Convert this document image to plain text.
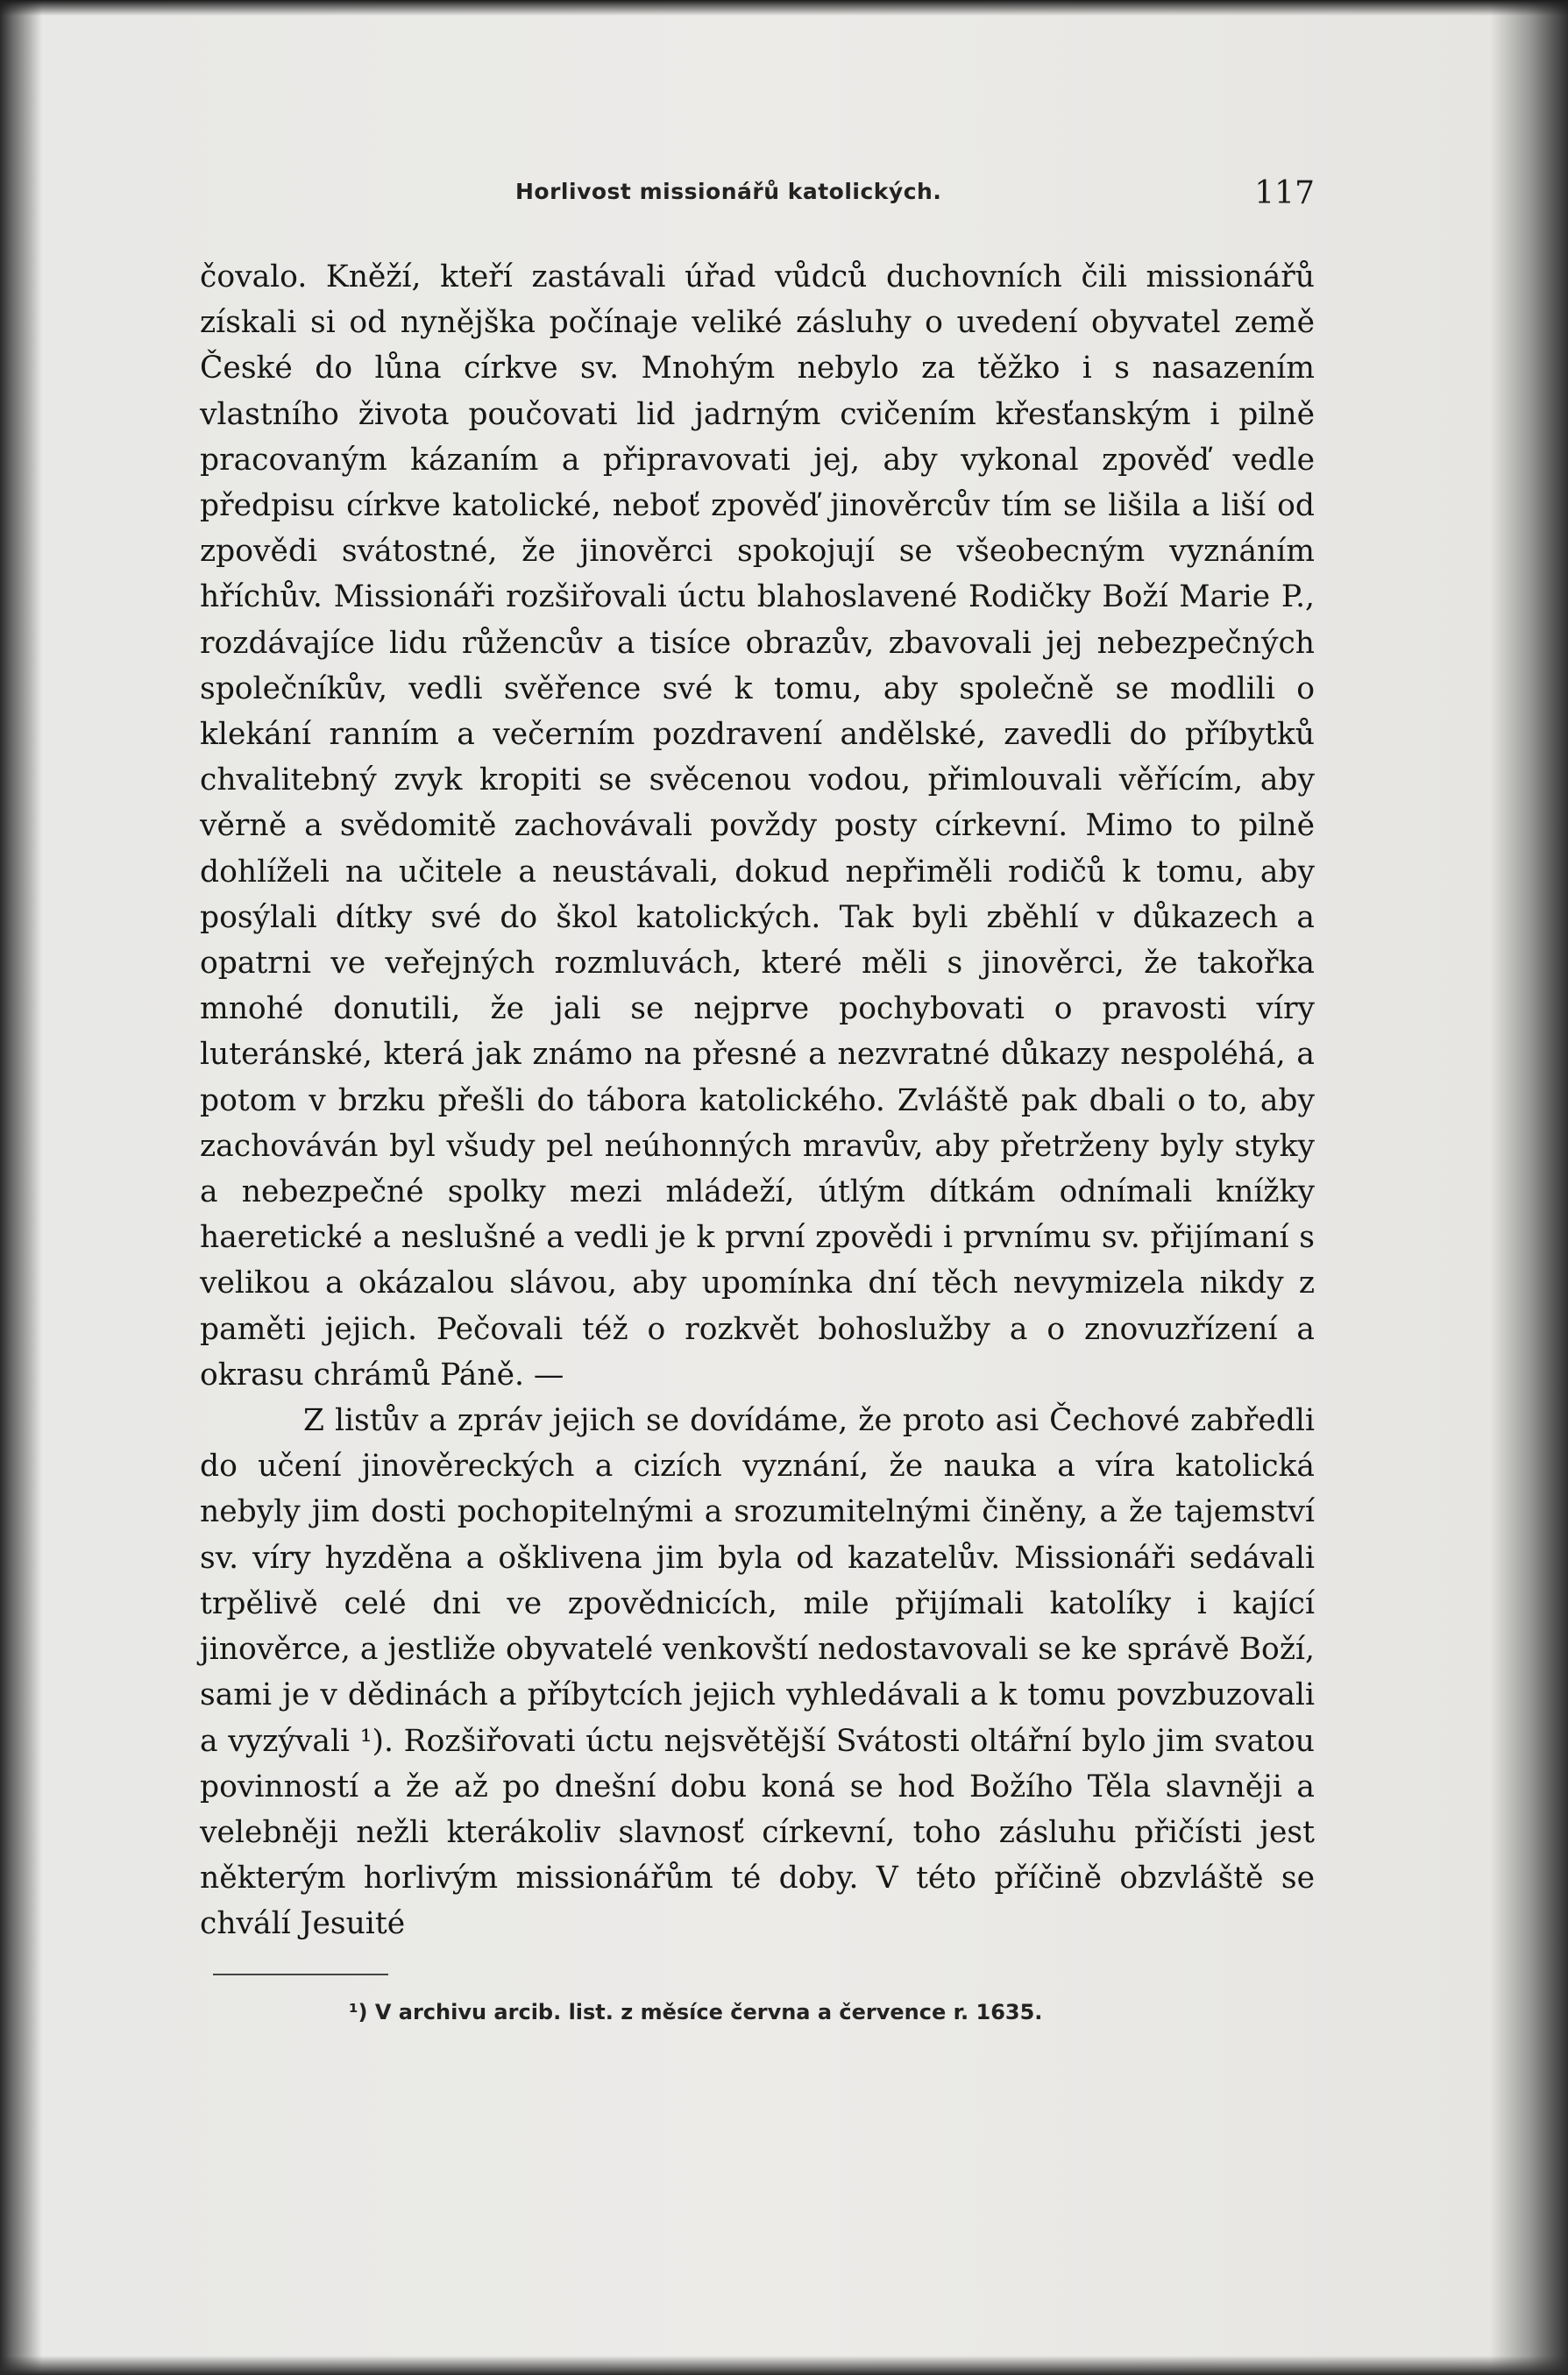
Horlivost missionářů katolických.	117

čovalo. Kněží, kteří zastávali úřad vůdců duchovních čili missionářů získali si od nynějška počínaje veliké zásluhy o uvedení obyvatel země České do lůna církve sv. Mnohým nebylo za těžko i s nasazením vlastního života poučovati lid jadrným cvičením křesťanským i pilně pracovaným kázaním a připravovati jej, aby vykonal zpověď vedle předpisu církve katolické, neboť zpověď jinověrcův tím se lišila a liší od zpovědi svátostné, že jinověrci spokojují se všeobecným vyznáním hříchův. Missionáři rozšiřovali úctu blahoslavené Rodičky Boží Marie P., rozdávajíce lidu růžencův a tisíce obrazův, zbavovali jej nebezpečných společníkův, vedli svěřence své k tomu, aby společně se modlili o klekání ranním a večerním pozdravení andělské, zavedli do příbytků chvalitebný zvyk kropiti se svěcenou vodou, přimlouvali věřícím, aby věrně a svědomitě zachovávali povždy posty církevní. Mimo to pilně dohlíželi na učitele a neustávali, dokud nepřiměli rodičů k tomu, aby posýlali dítky své do škol katolických. Tak byli zběhlí v důkazech a opatrni ve veřejných rozmluvách, které měli s jinověrci, že takořka mnohé donutili, že jali se nejprve pochybovati o pravosti víry luteránské, která jak známo na přesné a nezvratné důkazy nespoléhá, a potom v brzku přešli do tábora katolického. Zvláště pak dbali o to, aby zachováván byl všudy pel neúhonných mravův, aby přetrženy byly styky a nebezpečné spolky mezi mládeží, útlým dítkám odnímali knížky haeretické a neslušné a vedli je k první zpovědi i prvnímu sv. přijímaní s velikou a okázalou slávou, aby upomínka dní těch nevymizela nikdy z paměti jejich. Pečovali též o rozkvět bohoslužby a o znovuzřízení a okrasu chrámů Páně. —

Z listův a zpráv jejich se dovídáme, že proto asi Čechové zabředli do učení jinověreckých a cizích vyznání, že nauka a víra katolická nebyly jim dosti pochopitelnými a srozumitelnými činěny, a že tajemství sv. víry hyzděna a ošklivena jim byla od kazatelův. Missionáři sedávali trpělivě celé dni ve zpovědnicích, mile přijímali katolíky i kající jinověrce, a jestliže obyvatelé venkovští nedostavovali se ke správě Boží, sami je v dědinách a příbytcích jejich vyhledávali a k tomu povzbuzovali a vyzývali ¹). Rozšiřovati úctu nejsvětější Svátosti oltářní bylo jim svatou povinností a že až po dnešní dobu koná se hod Božího Těla slavněji a velebněji nežli kterákoliv slavnosť církevní, toho zásluhu přičísti jest některým horlivým missionářům té doby. V této příčině obzvláště se chválí Jesuité

¹) V archivu arcib. list. z měsíce června a července r. 1635.
